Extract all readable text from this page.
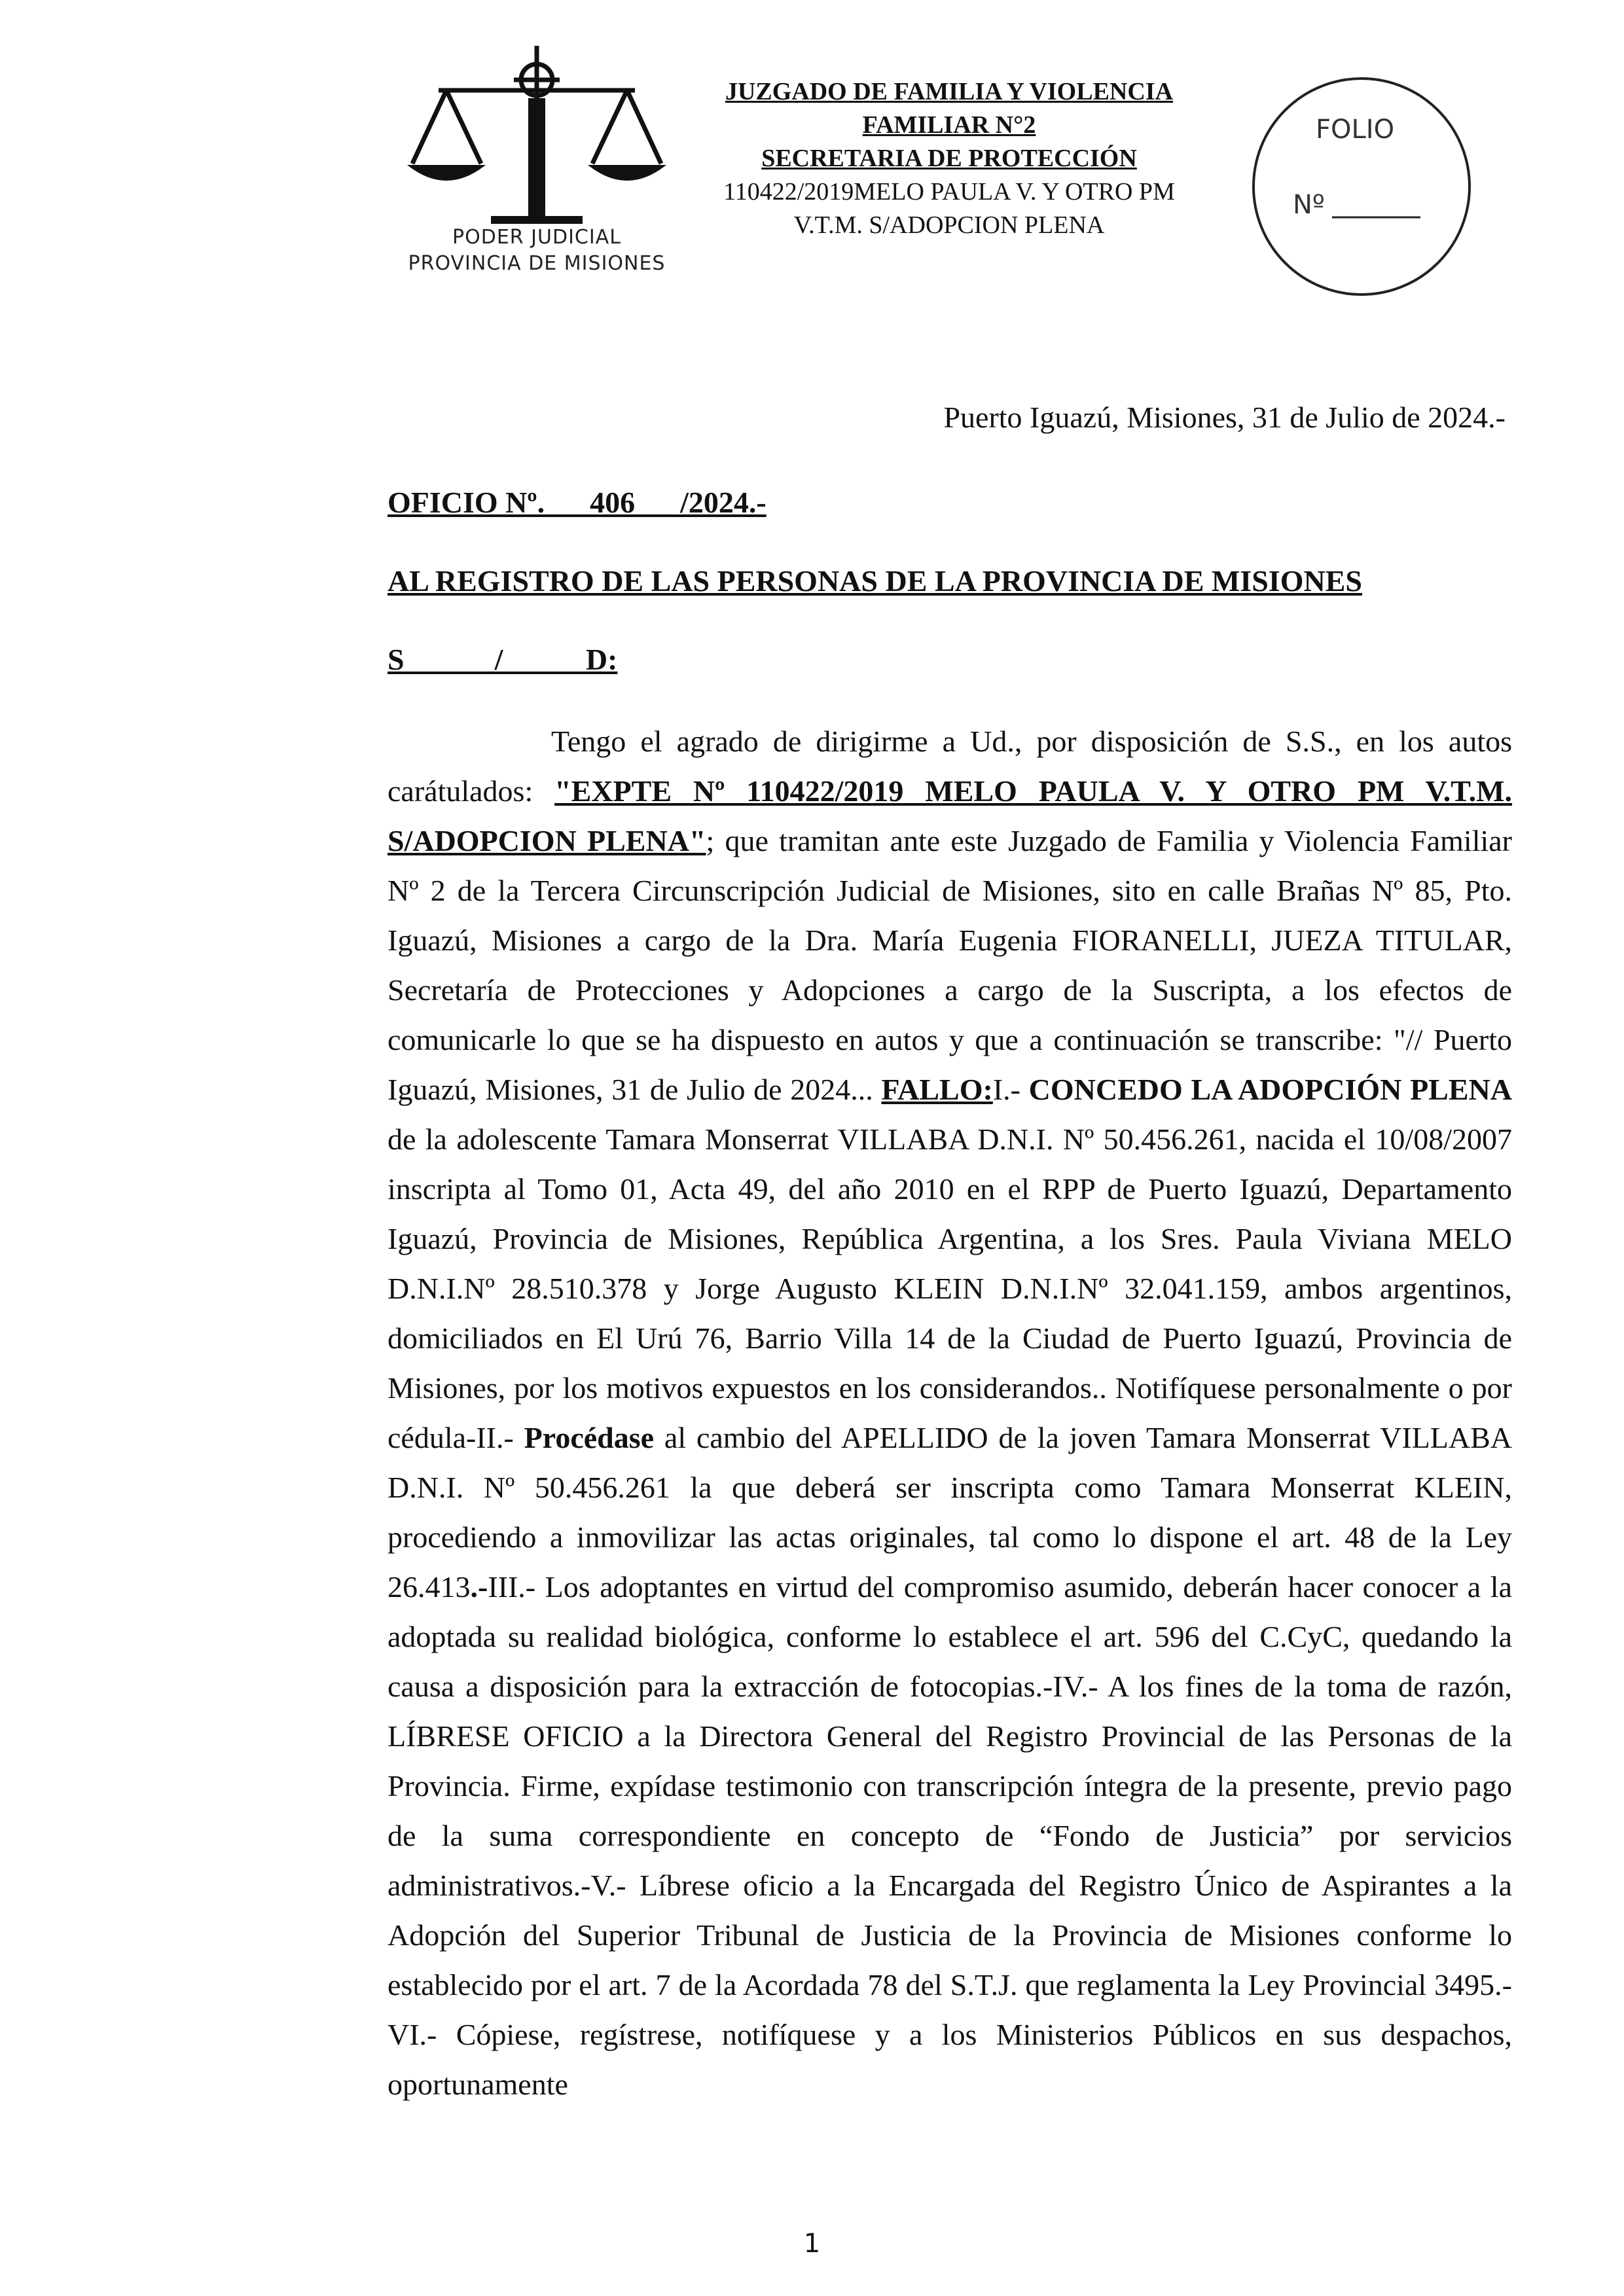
PODER JUDICIAL
PROVINCIA DE MISIONES
JUZGADO DE FAMILIA Y VIOLENCIA
FAMILIAR N°2
SECRETARIA DE PROTECCIÓN
110422/2019MELO PAULA V. Y OTRO PM
V.T.M. S/ADOPCION PLENA
FOLIO
Nº
Puerto Iguazú, Misiones, 31 de Julio de 2024.-
OFICIO Nº.___406___/2024.-
AL REGISTRO DE LAS PERSONAS DE LA PROVINCIA DE MISIONES
S            /           D:

Tengo el agrado de dirigirme a Ud., por disposición de S.S., en los autos carátulados: "EXPTE Nº 110422/2019 MELO PAULA V. Y OTRO PM V.T.M. S/ADOPCION PLENA"; que tramitan ante este Juzgado de Familia y Violencia Familiar Nº 2 de la Tercera Circunscripción Judicial de Misiones, sito en calle Brañas Nº 85, Pto. Iguazú, Misiones a cargo de la Dra. María Eugenia FIORANELLI, JUEZA TITULAR, Secretaría de Protecciones y Adopciones a cargo de la Suscripta, a los efectos de comunicarle lo que se ha dispuesto en autos y que a continuación se transcribe: "// Puerto Iguazú, Misiones, 31 de Julio de 2024... FALLO:I.- CONCEDO LA ADOPCIÓN PLENA de la adolescente Tamara Monserrat VILLABA D.N.I. Nº 50.456.261, nacida el 10/08/2007 inscripta al Tomo 01, Acta 49, del año 2010 en el RPP de Puerto Iguazú, Departamento Iguazú, Provincia de Misiones, República Argentina, a los Sres. Paula Viviana MELO D.N.I.Nº 28.510.378 y Jorge Augusto KLEIN D.N.I.Nº 32.041.159, ambos argentinos, domiciliados en El Urú 76, Barrio Villa 14 de la Ciudad de Puerto Iguazú, Provincia de Misiones, por los motivos expuestos en los considerandos.. Notifíquese personalmente o por cédula-II.- Procédase al cambio del APELLIDO de la joven Tamara Monserrat VILLABA D.N.I. Nº 50.456.261 la que deberá ser inscripta como Tamara Monserrat KLEIN, procediendo a inmovilizar las actas originales, tal como lo dispone el art. 48 de la Ley 26.413.-III.- Los adoptantes en virtud del compromiso asumido, deberán hacer conocer a la adoptada su realidad biológica, conforme lo establece el art. 596 del C.CyC, quedando la causa a disposición para la extracción de fotocopias.-IV.- A los fines de la toma de razón, LÍBRESE OFICIO a la Directora General del Registro Provincial de las Personas de la Provincia. Firme, expídase testimonio con transcripción íntegra de la presente, previo pago de la suma correspondiente en concepto de “Fondo de Justicia” por servicios administrativos.-V.- Líbrese oficio a la Encargada del Registro Único de Aspirantes a la Adopción del Superior Tribunal de Justicia de la Provincia de Misiones conforme lo establecido por el art. 7 de la Acordada 78 del S.T.J. que reglamenta la Ley Provincial 3495.-VI.- Cópiese, regístrese, notifíquese y a los Ministerios Públicos en sus despachos, oportunamente

1
